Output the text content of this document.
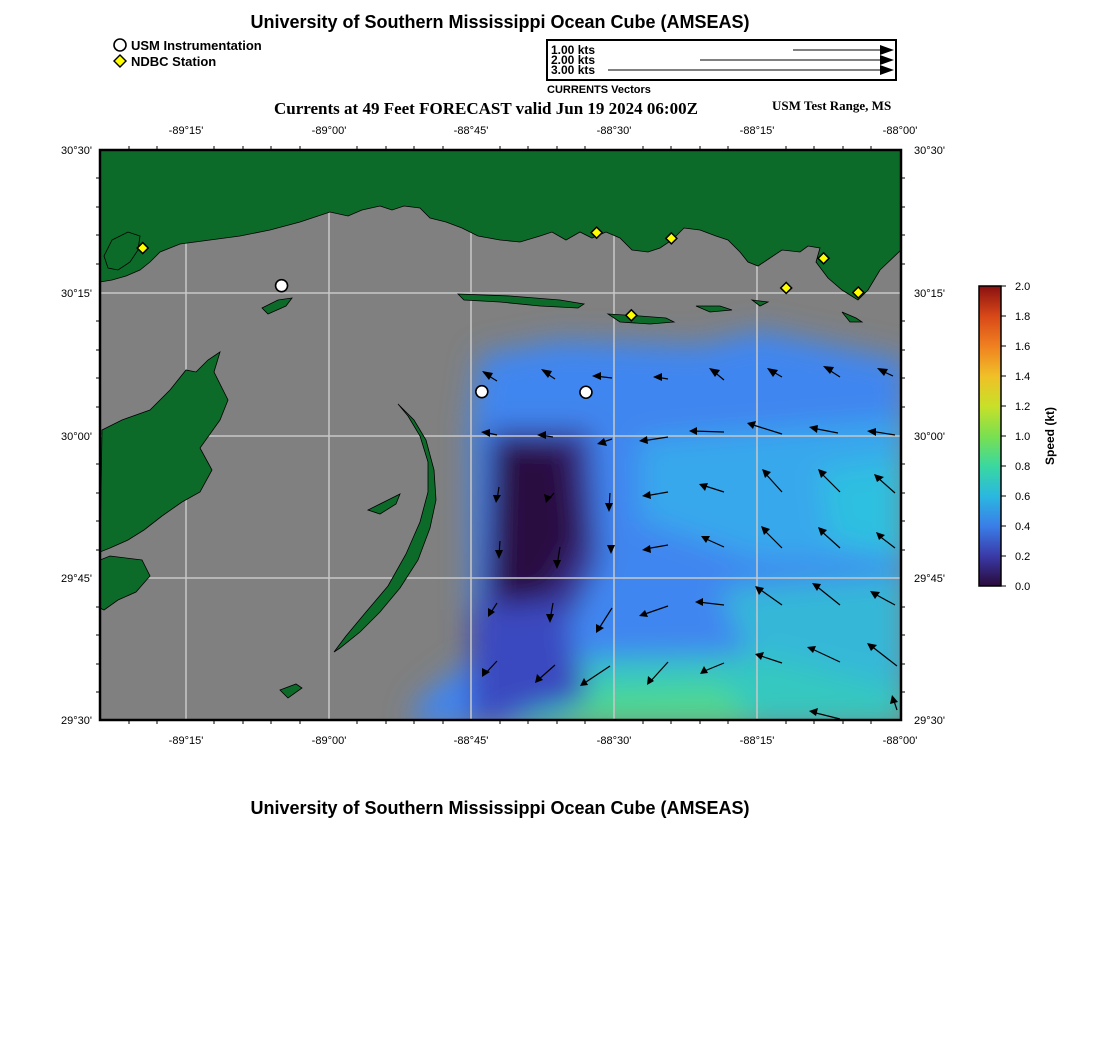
University of Southern Mississippi Ocean Cube (AMSEAS)
USM Instrumentation
NDBC Station
1.00 kts
2.00 kts
3.00 kts
CURRENTS Vectors
Currents at 49 Feet FORECAST valid Jun 19 2024 06:00Z	USM Test Range, MS
-89°15'	-89°00'	-88°45'	-88°30'	-88°15'	-88°00'
-89°15'	-89°00'	-88°45'	-88°30'	-88°15'	-88°00'
30°30'
30°15'
30°00'
29°45'
29°30'
30°30'
30°15'
30°00'
29°45'
29°30'
0.0
0.2
0.4
0.6
0.8
1.0
1.2
1.4
1.6
1.8
2.0
Speed (kt)
University of Southern Mississippi Ocean Cube (AMSEAS)
